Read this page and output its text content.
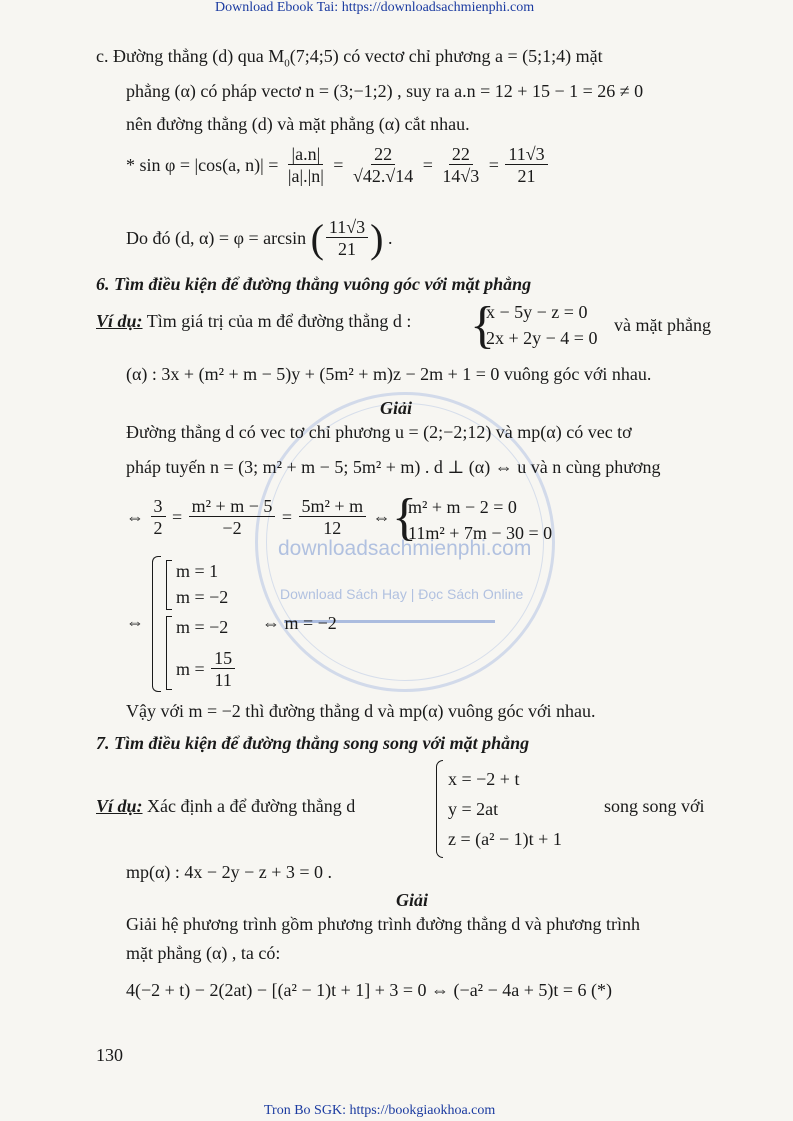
Download Ebook Tai: https://downloadsachmienphi.com
downloadsachmienphi.com
Download Sách Hay | Đọc Sách Online
c. Đường thẳng (d) qua $M_0(7;4;5)$ có vectơ chỉ phương a = (5;1;4) mặt
phẳng (α) có pháp vectơ n = (3;−1;2) , suy ra a.n = 12 + 15 − 1 = 26 ≠ 0
nên đường thẳng (d) và mặt phẳng (α) cắt nhau.
* sin φ = |cos(a, $n)| = \frac{|a.n|}{|a|.|n|} = \frac{22}{√42.√14} = \frac{22}{14√3} = \frac{11√3}{21}$
Do đó (d, α) = φ = arcsin ( $\frac{11√3}{21}$ ) .
6. Tìm điều kiện để đường thẳng vuông góc với mặt phẳng
Ví dụ: Tìm giá trị của m để đường thẳng d : {
x − 5y − z = 0
2x + 2y − 4 = 0
và mặt phẳng
(α) : 3x + (m² + m − 5)y + (5m² + m)z − 2m + 1 = 0 vuông góc với nhau.
Giải
Đường thẳng d có vec tơ chỉ phương u = (2;−2;12) và mp(α) có vec tơ
pháp tuyến n = (3; m² + m − 5; 5m² + m) . d ⊥ (α) ⇔ u và n cùng phương
⇔ $\frac{3}{2} = \frac{\text{m² + m − 5}}{-2} = \frac{\text{5m² + m}}{12}$ ⇔ {
m² + m − 2 = 0
11m² + 7m − 30 = 0
⇔
m = 1
m = −2
m = −2 ⇔ m = −2
$m = \frac{15}{11}$
Vậy với m = −2 thì đường thẳng d và mp(α) vuông góc với nhau.
7. Tìm điều kiện để đường thẳng song song với mặt phẳng
Ví dụ: Xác định a để đường thẳng d
x = −2 + t
y = 2at
z = (a² − 1)t + 1
song song với
mp(α) : 4x − 2y − z + 3 = 0 .
Giải
Giải hệ phương trình gồm phương trình đường thẳng d và phương trình
mặt phẳng (α) , ta có:
4(−2 + t) − 2(2at) − [(a² − 1)t + 1] + 3 = 0 ⇔ (−a² − 4a + 5)t = 6 (*)
130
Tron Bo SGK: https://bookgiaokhoa.com
